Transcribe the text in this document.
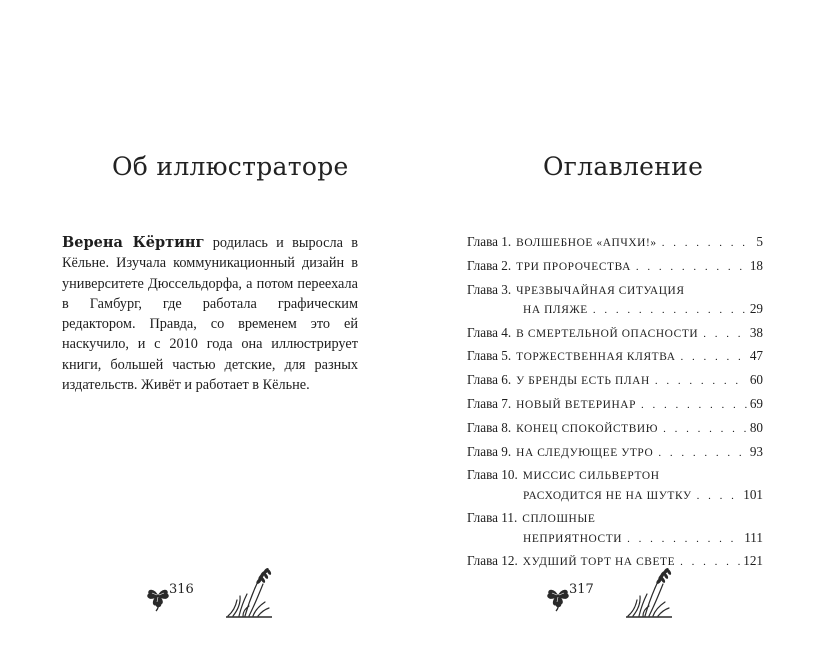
Об иллюстраторе

Верена Кёртинг родилась и выросла в Кёльне. Изучала коммуникационный дизайн в университете Дюссельдорфа, а потом переехала в Гамбург, где работала графическим редактором. Правда, со временем это ей наскучило, и с 2010 года она иллюстрирует книги, большей частью детские, для разных издательств. Живёт и работает в Кёльне.

316
Оглавление
Глава 1. ВОЛШЕБНОЕ «АПЧХИ!» . . .	5
Глава 2. ТРИ ПРОРОЧЕСТВА . . .	18
Глава 3. ЧРЕЗВЫЧАЙНАЯ СИТУАЦИЯ
НА ПЛЯЖЕ . . .	29
Глава 4. В СМЕРТЕЛЬНОЙ ОПАСНОСТИ . . .	38
Глава 5. ТОРЖЕСТВЕННАЯ КЛЯТВА . . .	47
Глава 6. У БРЕНДЫ ЕСТЬ ПЛАН . . .	60
Глава 7. НОВЫЙ ВЕТЕРИНАР . . .	69
Глава 8. КОНЕЦ СПОКОЙСТВИЮ . . .	80
Глава 9. НА СЛЕДУЮЩЕЕ УТРО . . .	93
Глава 10. МИССИС СИЛЬВЕРТОН
РАСХОДИТСЯ НЕ НА ШУТКУ . . .	101
Глава 11. СПЛОШНЫЕ
НЕПРИЯТНОСТИ . . .	111
Глава 12. ХУДШИЙ ТОРТ НА СВЕТЕ . . .	121
317
